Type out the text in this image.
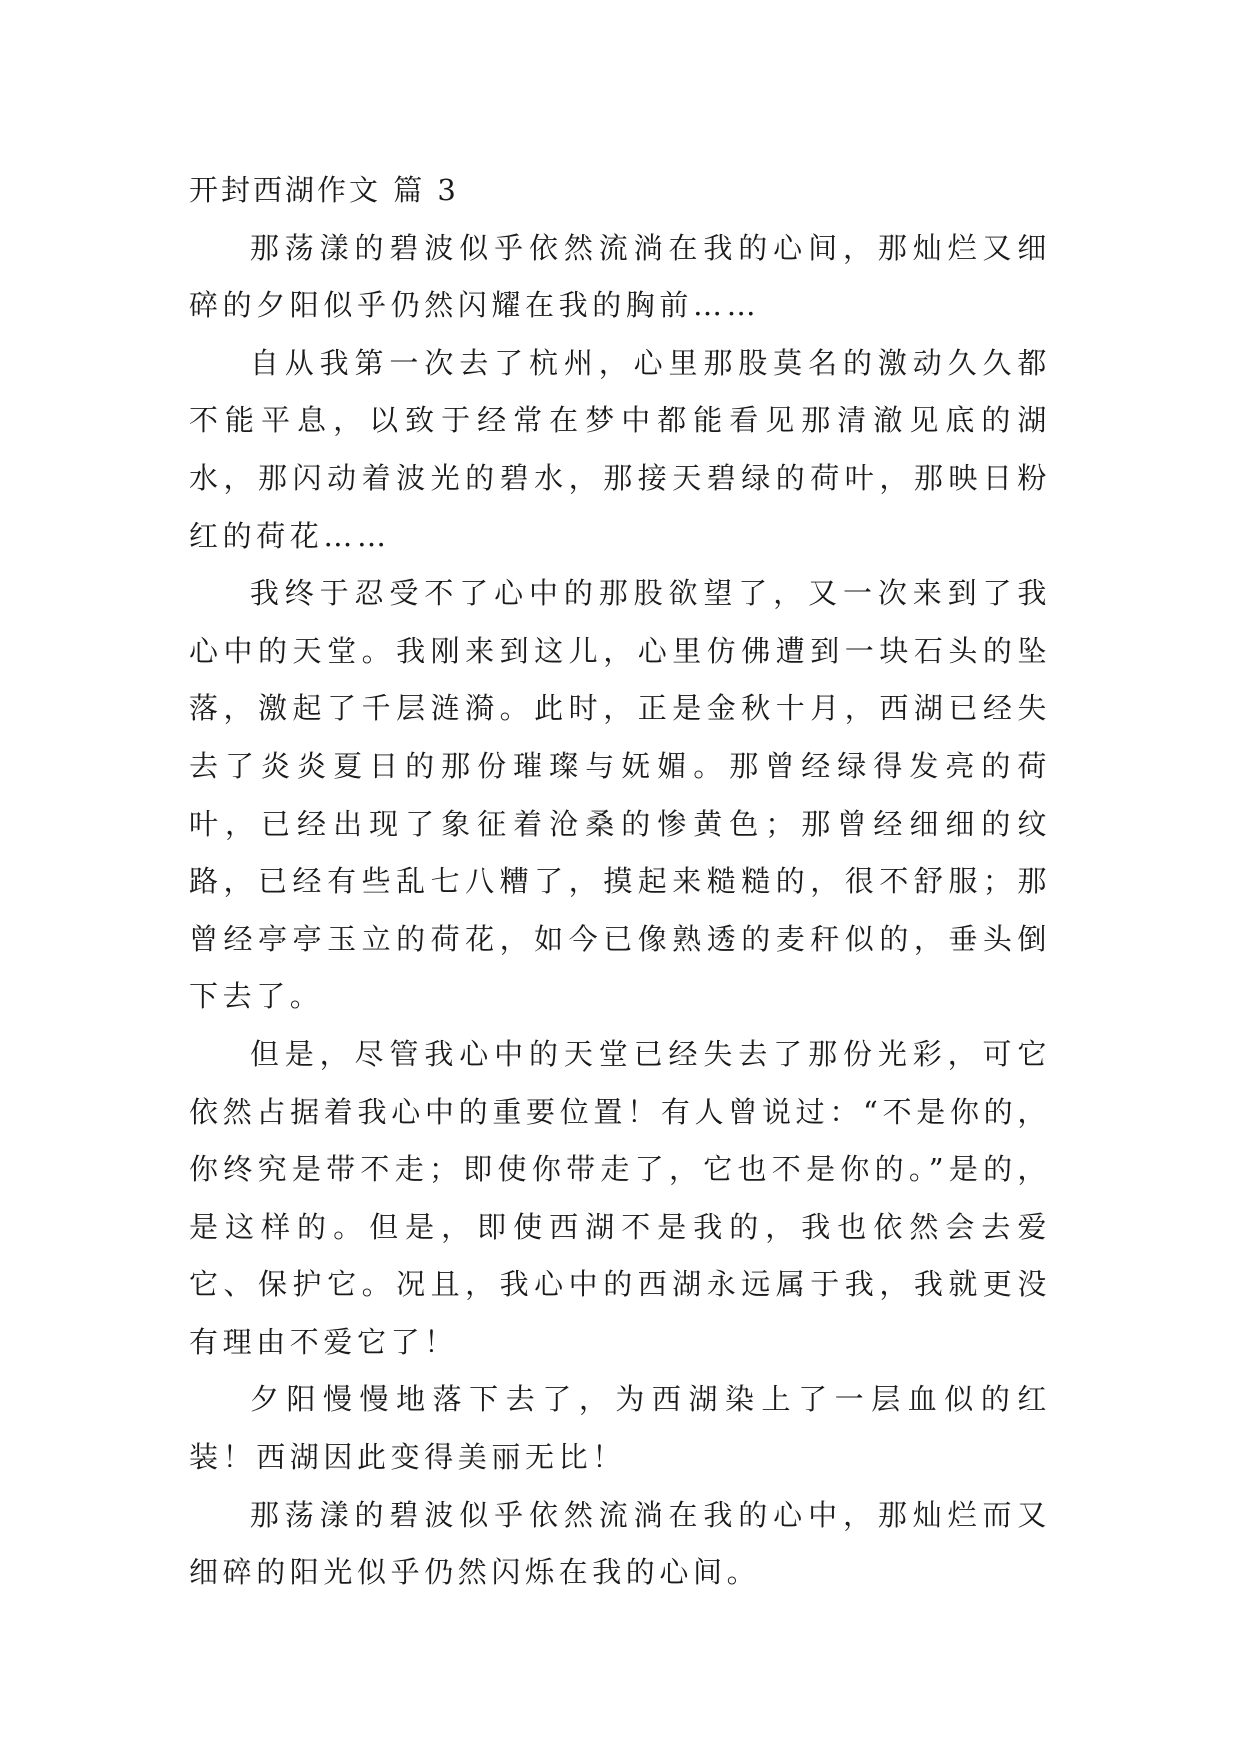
开封西湖作文 篇 3

那荡漾的碧波似乎依然流淌在我的心间，那灿烂又细碎的夕阳似乎仍然闪耀在我的胸前……

自从我第一次去了杭州，心里那股莫名的激动久久都不能平息，以致于经常在梦中都能看见那清澈见底的湖水，那闪动着波光的碧水，那接天碧绿的荷叶，那映日粉红的荷花……

我终于忍受不了心中的那股欲望了，又一次来到了我心中的天堂。我刚来到这儿，心里仿佛遭到一块石头的坠落，激起了千层涟漪。此时，正是金秋十月，西湖已经失去了炎炎夏日的那份璀璨与妩媚。那曾经绿得发亮的荷叶，已经出现了象征着沧桑的惨黄色；那曾经细细的纹路，已经有些乱七八糟了，摸起来糙糙的，很不舒服；那曾经亭亭玉立的荷花，如今已像熟透的麦秆似的，垂头倒下去了。

但是，尽管我心中的天堂已经失去了那份光彩，可它依然占据着我心中的重要位置！有人曾说过：“不是你的，你终究是带不走；即使你带走了，它也不是你的。”是的，是这样的。但是，即使西湖不是我的，我也依然会去爱它、保护它。况且，我心中的西湖永远属于我，我就更没有理由不爱它了！

夕阳慢慢地落下去了，为西湖染上了一层血似的红装！西湖因此变得美丽无比！

那荡漾的碧波似乎依然流淌在我的心中，那灿烂而又细碎的阳光似乎仍然闪烁在我的心间。
